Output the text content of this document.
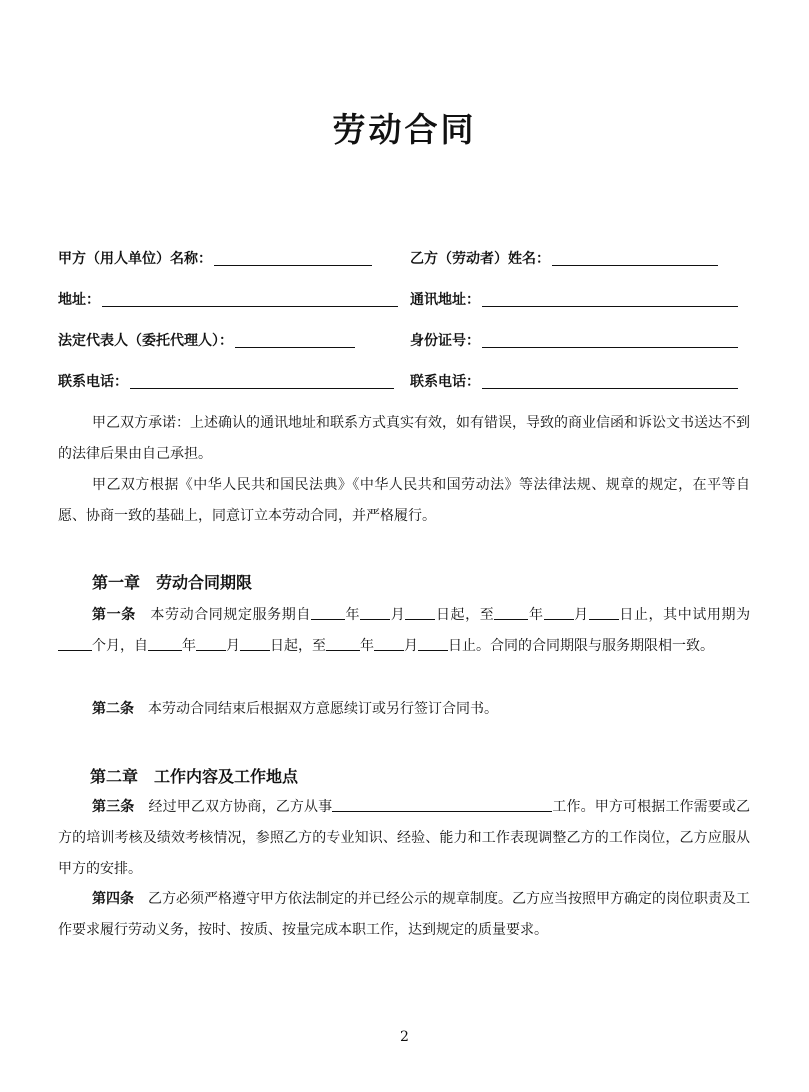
劳动合同
甲方（用人单位）名称：	乙方（劳动者）姓名：
地址：	通讯地址：
法定代表人（委托代理人）：	身份证号：
联系电话：	联系电话：

甲乙双方承诺：上述确认的通讯地址和联系方式真实有效，如有错误，导致的商业信函和诉讼文书送达不到的法律后果由自己承担。

甲乙双方根据《中华人民共和国民法典》《中华人民共和国劳动法》等法律法规、规章的规定，在平等自愿、协商一致的基础上，同意订立本劳动合同，并严格履行。

第一章 劳动合同期限

第一条　 本劳动合同规定服务期自 年 月 日起，至 年 月 日止，其中试用期为个月，自 年 月 日起，至 年 月 日止。合同的合同期限与服务期限相一致。

第二条　 本劳动合同结束后根据双方意愿续订或另行签订合同书。

第二章 工作内容及工作地点

第三条　 经过甲乙双方协商，乙方从事	工作。甲方可根据工作需要或乙方的培训考核及绩效考核情况，参照乙方的专业知识、经验、能力和工作表现调整乙方的工作岗位，乙方应服从甲方的安排。

第四条　 乙方必须严格遵守甲方依法制定的并已经公示的规章制度。乙方应当按照甲方确定的岗位职责及工作要求履行劳动义务，按时、按质、按量完成本职工作，达到规定的质量要求。

2
